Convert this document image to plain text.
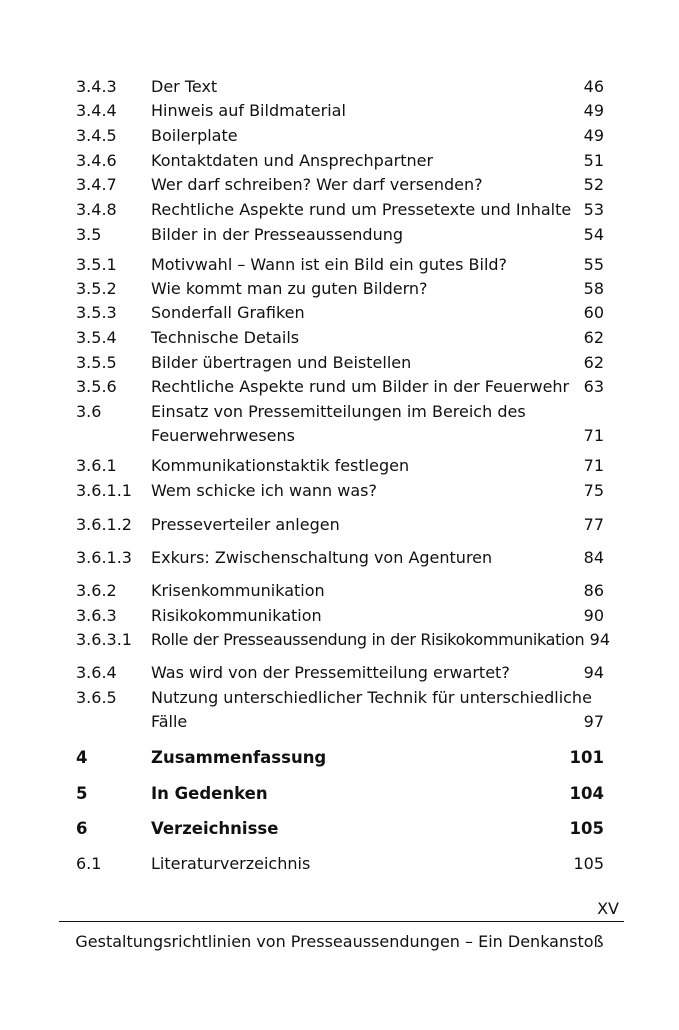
3.4.3 Der Text	46
3.4.4 Hinweis auf Bildmaterial	49
3.4.5 Boilerplate	49
3.4.6 Kontaktdaten und Ansprechpartner	51
3.4.7 Wer darf schreiben? Wer darf versenden?	52
3.4.8 Rechtliche Aspekte rund um Pressetexte und Inhalte 53
3.5	Bilder in der Presseaussendung	54
3.5.1 Motivwahl – Wann ist ein Bild ein gutes Bild?	55
3.5.2 Wie kommt man zu guten Bildern?	58
3.5.3 Sonderfall Grafiken	60
3.5.4 Technische Details	62
3.5.5 Bilder übertragen und Beistellen	62
3.5.6 Rechtliche Aspekte rund um Bilder in der Feuerwehr 63
3.6	Einsatz von Pressemitteilungen im Bereich des
Feuerwehrwesens	71
3.6.1 Kommunikationstaktik festlegen	71
3.6.1.1 Wem schicke ich wann was?	75
3.6.1.2 Presseverteiler anlegen	77
3.6.1.3 Exkurs: Zwischenschaltung von Agenturen	84
3.6.2 Krisenkommunikation	86
3.6.3 Risikokommunikation	90
3.6.3.1 Rolle der Presseaussendung in der Risikokommunikation 94
3.6.4 Was wird von der Pressemitteilung erwartet?	94
3.6.5 Nutzung unterschiedlicher Technik für unterschiedliche
Fälle	97
4	Zusammenfassung	101
5	In Gedenken	104
6	Verzeichnisse	105
6.1	Literaturverzeichnis	105
XV
Gestaltungsrichtlinien von Presseaussendungen – Ein Denkanstoß
